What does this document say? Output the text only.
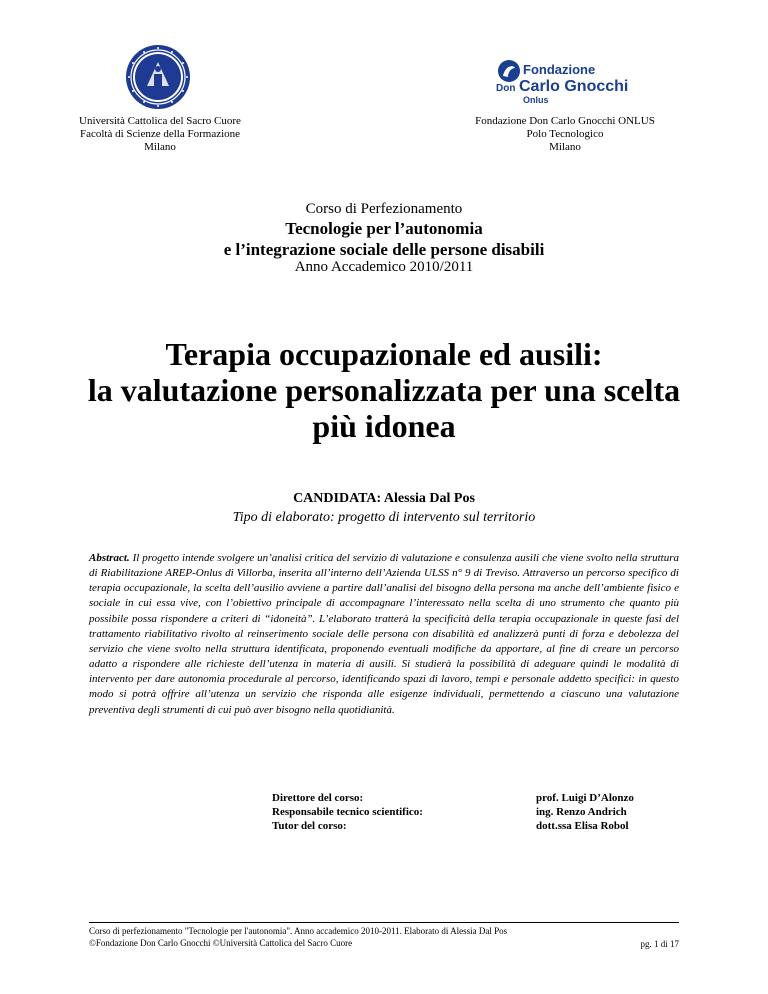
Università Cattolica del Sacro Cuore
Facoltà di Scienze della Formazione
Milano
Fondazione
Don Carlo Gnocchi
Onlus
Fondazione Don Carlo Gnocchi ONLUS
Polo Tecnologico
Milano
Corso di Perfezionamento
Tecnologie per l’autonomia
e l’integrazione sociale delle persone disabili
Anno Accademico 2010/2011
Terapia occupazionale ed ausili:
la valutazione personalizzata per una scelta
più idonea
CANDIDATA: Alessia Dal Pos
Tipo di elaborato: progetto di intervento sul territorio
Abstract. Il progetto intende svolgere un’analisi critica del servizio di valutazione e consulenza ausili che viene svolto nella struttura di Riabilitazione AREP-Onlus di Villorba, inserita all’interno dell’Azienda ULSS n° 9 di Treviso. Attraverso un percorso specifico di terapia occupazionale, la scelta dell’ausilio avviene a partire dall’analisi del bisogno della persona ma anche dell’ambiente fisico e sociale in cui essa vive, con l’obiettivo principale di accompagnare l’interessato nella scelta di uno strumento che quanto più possibile possa rispondere a criteri di “idoneità”. L’elaborato tratterà la specificità della terapia occupazionale in queste fasi del trattamento riabilitativo rivolto al reinserimento sociale delle persona con disabilità ed analizzerà punti di forza e debolezza del servizio che viene svolto nella struttura identificata, proponendo eventuali modifiche da apportare, al fine di creare un percorso adatto a rispondere alle richieste dell’utenza in materia di ausili. Si studierà la possibilità di adeguare quindi le modalità di intervento per dare autonomia procedurale al percorso, identificando spazi di lavoro, tempi e personale addetto specifici: in questo modo si potrà offrire all’utenza un servizio che risponda alle esigenze individuali, permettendo a ciascuno una valutazione preventiva degli strumenti di cui può aver bisogno nella quotidianità.
Direttore del corso:	prof. Luigi D’Alonzo
Responsabile tecnico scientifico:	ing. Renzo Andrich
Tutor del corso:	dott.ssa Elisa Robol
Corso di perfezionamento "Tecnologie per l'autonomia". Anno accademico 2010-2011. Elaborato di Alessia Dal Pos
©Fondazione Don Carlo Gnocchi ©Università Cattolica del Sacro Cuore	pg. 1 di 17
